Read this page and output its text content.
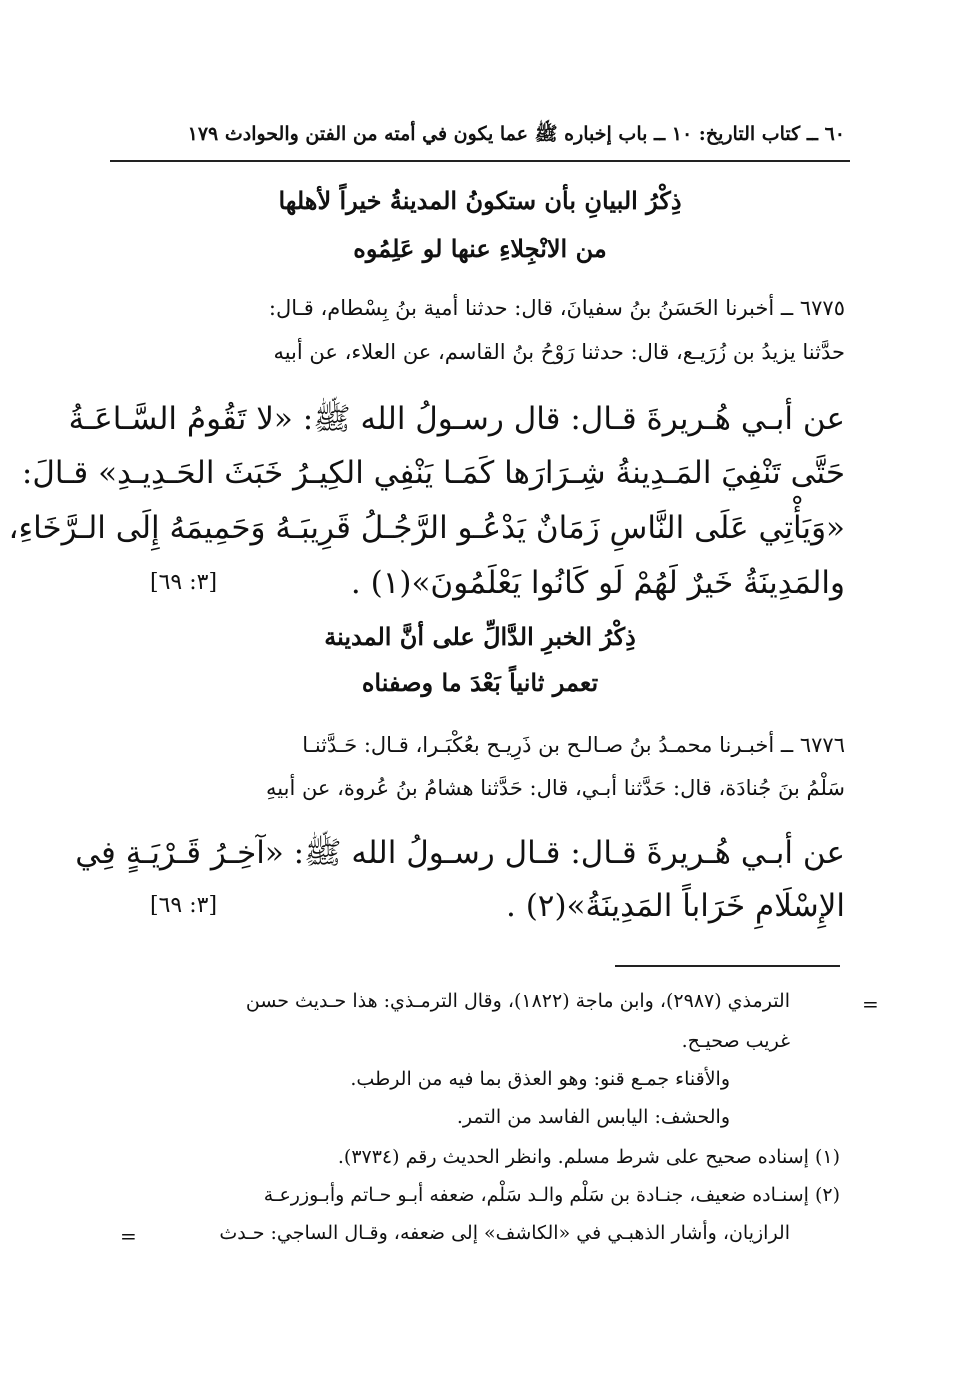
٦٠ ــ كتاب التاريخ: ١٠ ــ باب إخباره ﷺ عما يكون في أمته من الفتن والحوادث ١٧٩
ذِكْرُ البيانِ بأن ستكونُ المدينةُ خيراً لأهلها
من الانْجِلاءِ عنها لو عَلِمُوه
٦٧٧٥ ــ أخبرنا الحَسَنُ بنُ سفيانَ، قال: حدثنا أمية بنُ بِسْطام، قـال:
حدَّثنا يزيدُ بن زُرَيـع، قال: حدثنا رَوْحُ بنُ القاسم، عن العلاء، عن أبيه
عن أبـي هُـريرةَ قـال: قال رسـولُ الله ﷺ: «لا تَقُومُ السَّـاعَـةُ
حَتَّى تَنْفِيَ المَـدِينةُ شِـرَارَها كَمَـا يَنْفِي الكِيـرُ خَبَثَ الحَـدِيـدِ» قـالَ:
«وَيَأْتِي عَلَى النَّاسِ زَمَانٌ يَدْعُـو الرَّجُـلُ قَرِيبَـهُ وَحَمِيمَهُ إِلَى الـرَّخَاءِ،
والمَدِينَةُ خَيرٌ لَهُمْ لَو كَانُوا يَعْلَمُونَ»(١) .
[٣: ٦٩]
ذِكْرُ الخبرِ الدَّالِّ على أنَّ المدينة
تعمر ثانياً بَعْدَ ما وصفناه
٦٧٧٦ ــ أخبـرنا محمـدُ بنُ صـالـح بن ذَرِيـح بعُكْبَـرا، قـال: حَـدَّثنـا
سَلْمُ بنَ جُنادَة، قال: حَدَّثنا أبـي، قال: حَدَّثنا هشامُ بنُ عُروة، عن أبيهِ
عن أبـي هُـريرةَ قـال: قـال رسـولُ الله ﷺ: «آخِـرُ قَـرْيَـةٍ فِي
الإِسْلَامِ خَرَاباً المَدِينَةُ»(٢) .
[٣: ٦٩]
=
الترمذي (٢٩٨٧)، وابن ماجة (١٨٢٢)، وقال الترمـذي: هذا حـديث حسن
غريب صحيـح.
والأقناء جمـع قنو: وهو العذق بما فيه من الرطب.
والحشف: اليابس الفاسد من التمر.
(١) إسناده صحيح على شرط مسلم. وانظر الحديث رقم (٣٧٣٤).
(٢) إسنـاده ضعيف، جنـادة بن سَلْم والـد سَلْم، ضعفه أبـو حـاتم وأبـوزرعـة
الرازيان، وأشار الذهبـي في «الكاشف» إلى ضعفه، وقـال الساجي: حـدث
=
